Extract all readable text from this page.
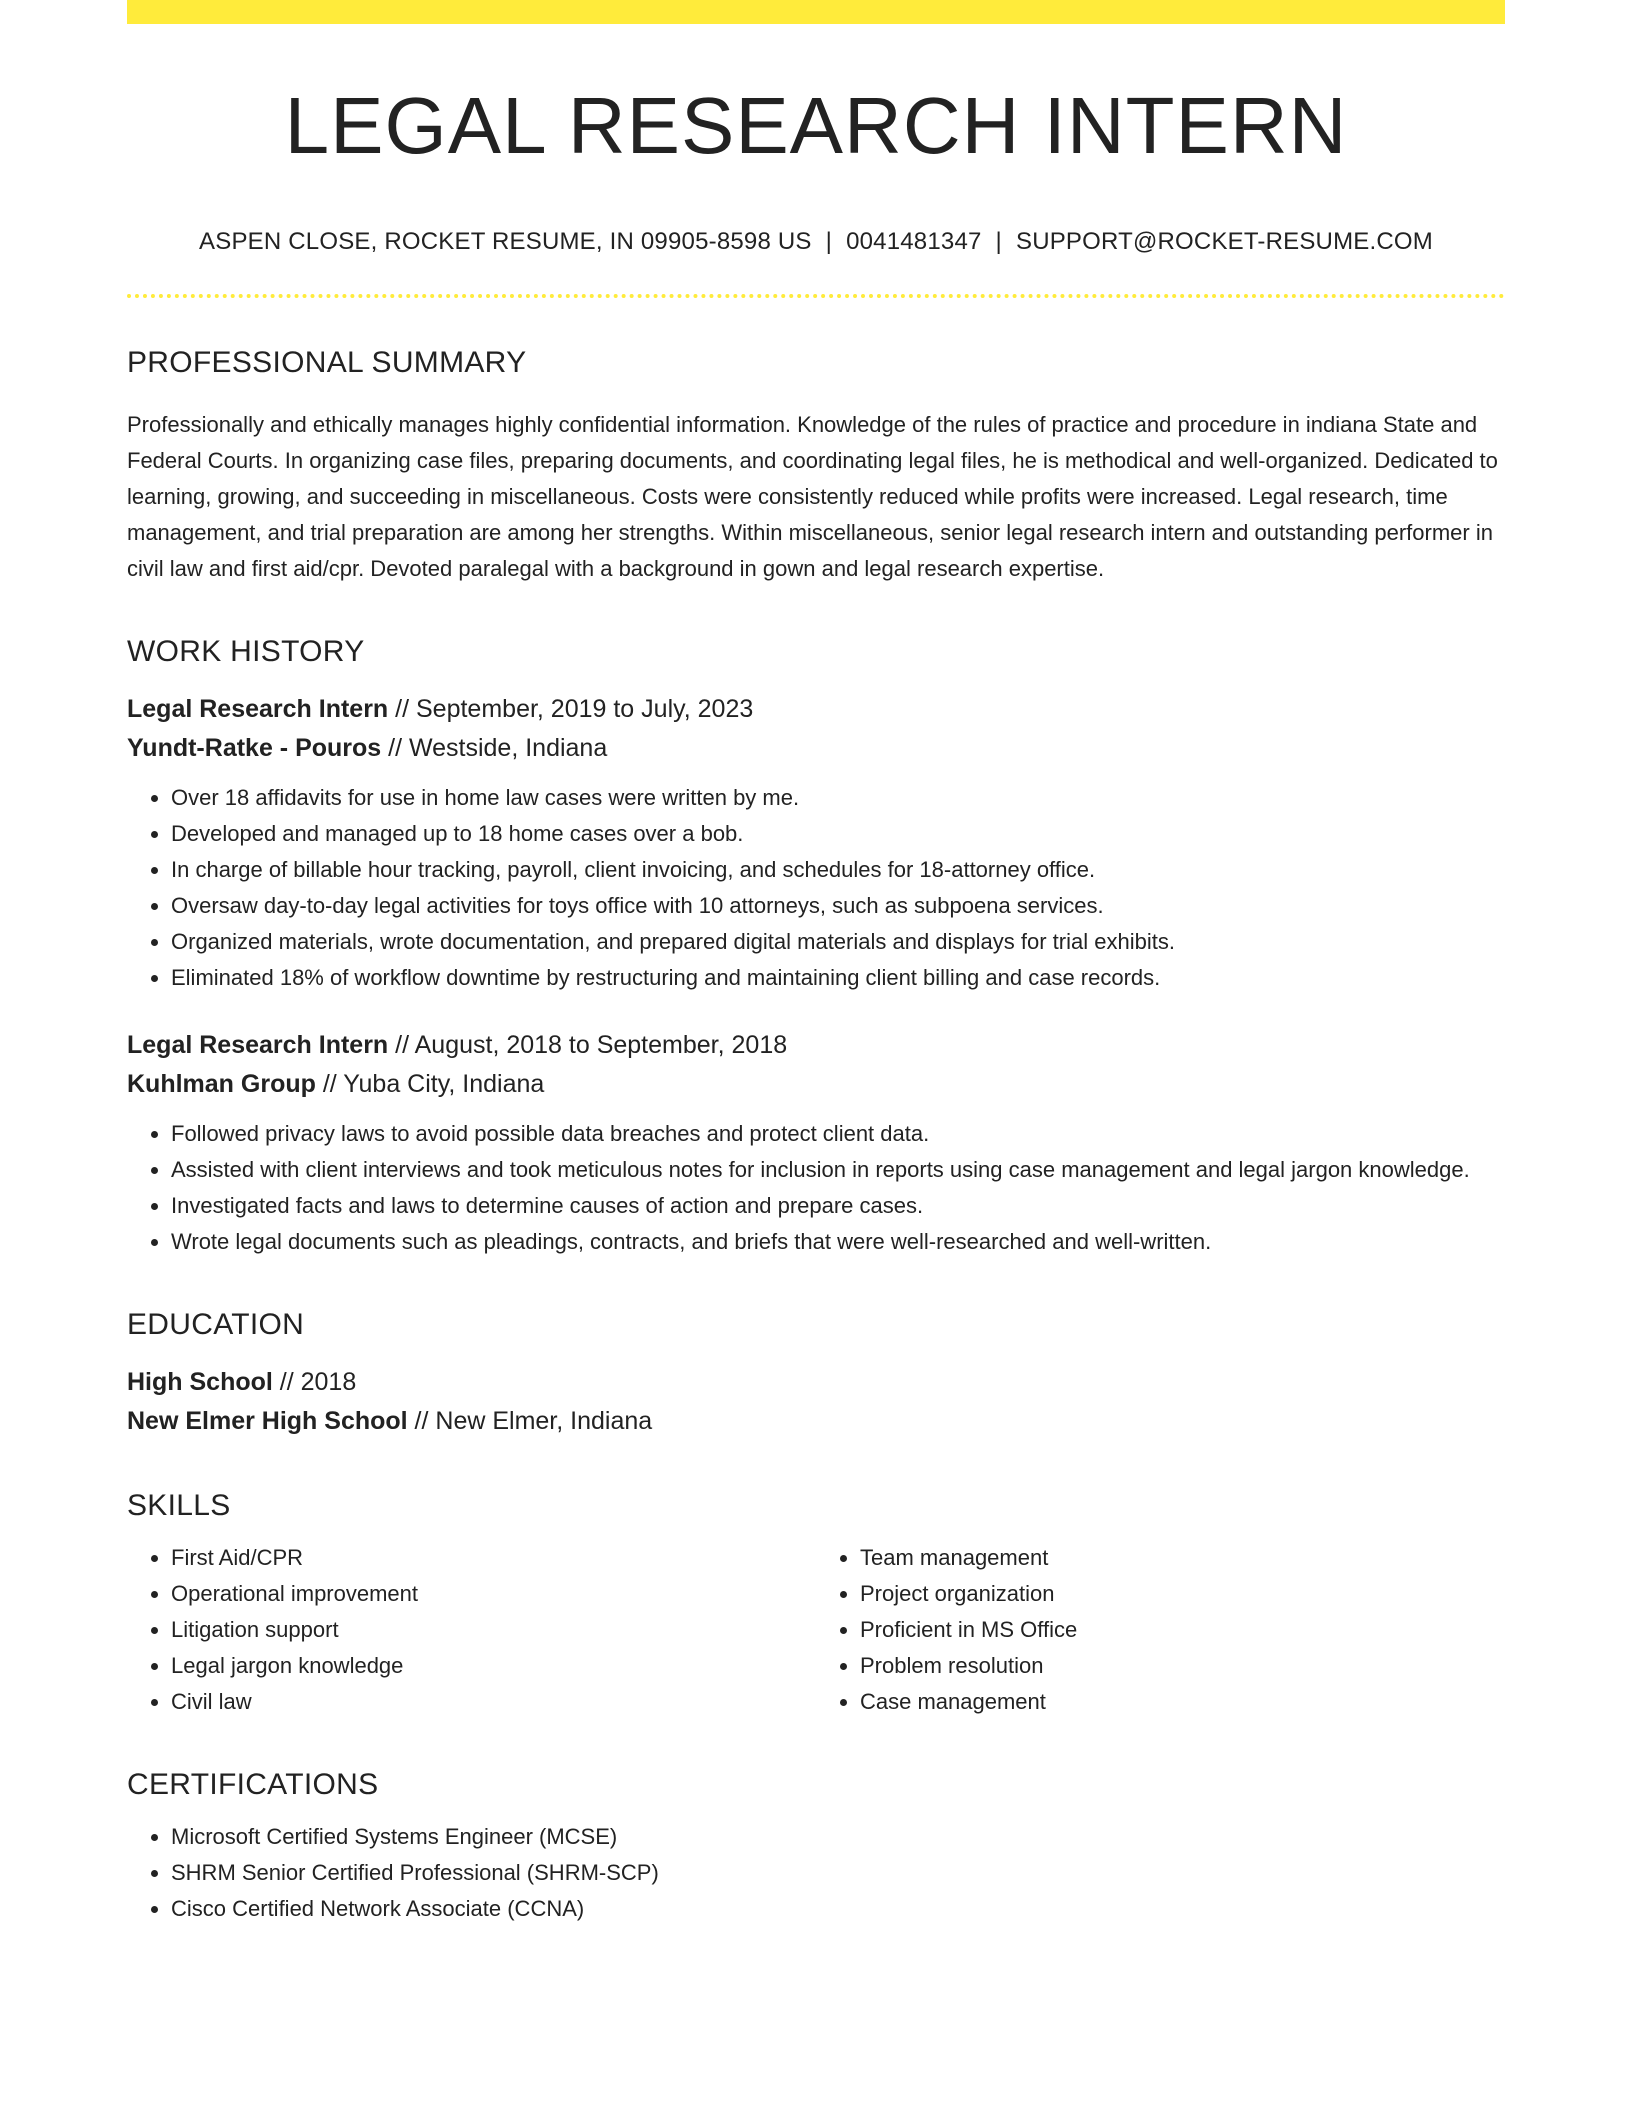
LEGAL RESEARCH INTERN
ASPEN CLOSE, ROCKET RESUME, IN 09905-8598 US | 0041481347 | SUPPORT@ROCKET-RESUME.COM
PROFESSIONAL SUMMARY

Professionally and ethically manages highly confidential information. Knowledge of the rules of practice and procedure in indiana State and Federal Courts. In organizing case files, preparing documents, and coordinating legal files, he is methodical and well-organized. Dedicated to learning, growing, and succeeding in miscellaneous. Costs were consistently reduced while profits were increased. Legal research, time management, and trial preparation are among her strengths. Within miscellaneous, senior legal research intern and outstanding performer in civil law and first aid/cpr. Devoted paralegal with a background in gown and legal research expertise.

WORK HISTORY
Legal Research Intern // September, 2019 to July, 2023
Yundt-Ratke - Pouros // Westside, Indiana
• Over 18 affidavits for use in home law cases were written by me.
• Developed and managed up to 18 home cases over a bob.
• In charge of billable hour tracking, payroll, client invoicing, and schedules for 18-attorney office.
• Oversaw day-to-day legal activities for toys office with 10 attorneys, such as subpoena services.
• Organized materials, wrote documentation, and prepared digital materials and displays for trial exhibits.
• Eliminated 18% of workflow downtime by restructuring and maintaining client billing and case records.
Legal Research Intern // August, 2018 to September, 2018
Kuhlman Group // Yuba City, Indiana
• Followed privacy laws to avoid possible data breaches and protect client data.
• Assisted with client interviews and took meticulous notes for inclusion in reports using case management and legal jargon knowledge.
• Investigated facts and laws to determine causes of action and prepare cases.
• Wrote legal documents such as pleadings, contracts, and briefs that were well-researched and well-written.
EDUCATION
High School // 2018
New Elmer High School // New Elmer, Indiana
SKILLS
• First Aid/CPR
• Operational improvement
• Litigation support
• Legal jargon knowledge
• Civil law
• Team management
• Project organization
• Proficient in MS Office
• Problem resolution
• Case management
CERTIFICATIONS
• Microsoft Certified Systems Engineer (MCSE)
• SHRM Senior Certified Professional (SHRM-SCP)
• Cisco Certified Network Associate (CCNA)
